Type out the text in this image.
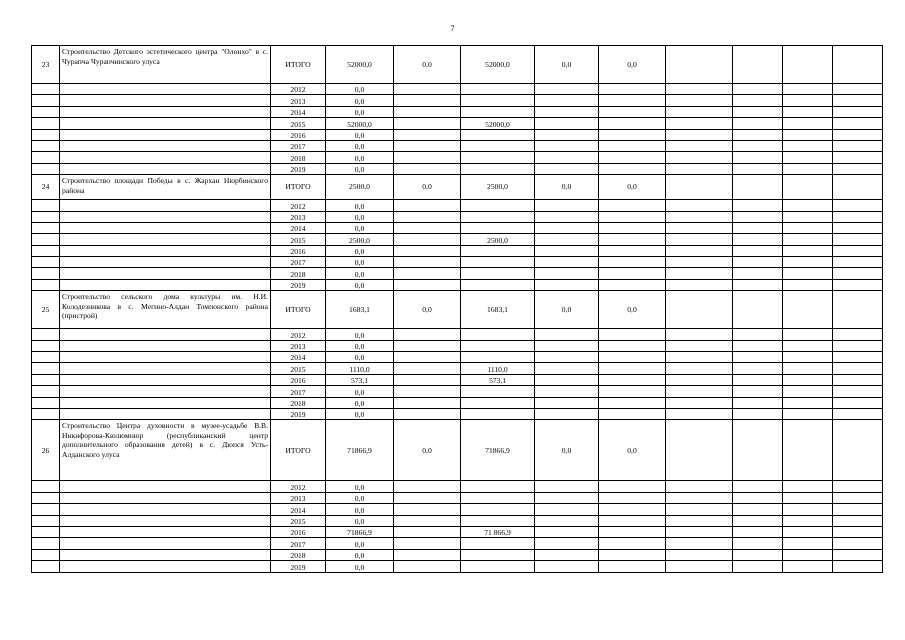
7
23	Строительство Детского эстетического центра "Олонхо" в с. Чурапча Чурапчинского улуса	ИТОГО	52000,0	0,0	52000,0	0,0	0,0				
		2012	0,0								
		2013	0,0								
		2014	0,0								
		2015	52000,0		52000,0						
		2016	0,0								
		2017	0,0								
		2018	0,0								
		2019	0,0								
24	Строительство площади Победы в с. Жархан Нюрбинского района	ИТОГО	2500,0	0,0	2500,0	0,0	0,0				
		2012	0,0								
		2013	0,0								
		2014	0,0								
		2015	2500,0		2500,0						
		2016	0,0								
		2017	0,0								
		2018	0,0								
		2019	0,0								
25	Строительство сельского дома культуры им. Н.И. Колодезникова в с. Мегино-Алдан Томпонского района (пристрой)	ИТОГО	1683,1	0,0	1683,1	0,0	0,0				
		2012	0,0								
		2013	0,0								
		2014	0,0								
		2015	1110,0		1110,0						
		2016	573,1		573,1						
		2017	0,0								
		2018	0,0								
		2019	0,0								
26	Строительство Центра духовности в музее-усадьбе В.В. Никифорова-Кюлюмнюр (республиканский центр дополнительного образования детей) в с. Дюпся Усть-Алданского улуса	ИТОГО	71866,9	0,0	71866,9	0,0	0,0				
		2012	0,0								
		2013	0,0								
		2014	0,0								
		2015	0,0								
		2016	71866,9		71 866,9						
		2017	0,0								
		2018	0,0								
		2019	0,0								
